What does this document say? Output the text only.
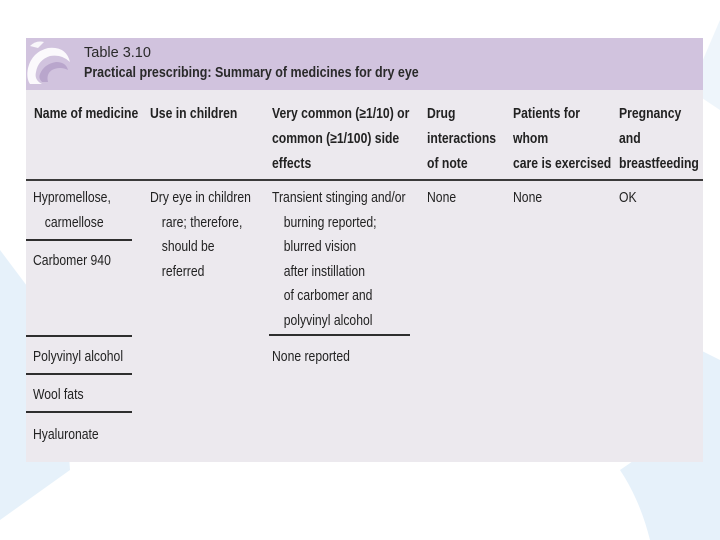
Table 3.10
Practical prescribing: Summary of medicines for dry eye
Name of medicine Use in children Very common (≥1/10) or
common (≥1/100) side
effects
Drug
interactions
of note
Patients for
whom
care is exercised
Pregnancy
and
breastfeeding
Hypromellose,
carmellose
Carbomer 940
Polyvinyl alcohol
Wool fats
Hyaluronate
Dry eye in children
rare; therefore,
should be
referred
Transient stinging and/or
burning reported;
blurred vision
after instillation
of carbomer and
polyvinyl alcohol
None reported
None	None	OK
